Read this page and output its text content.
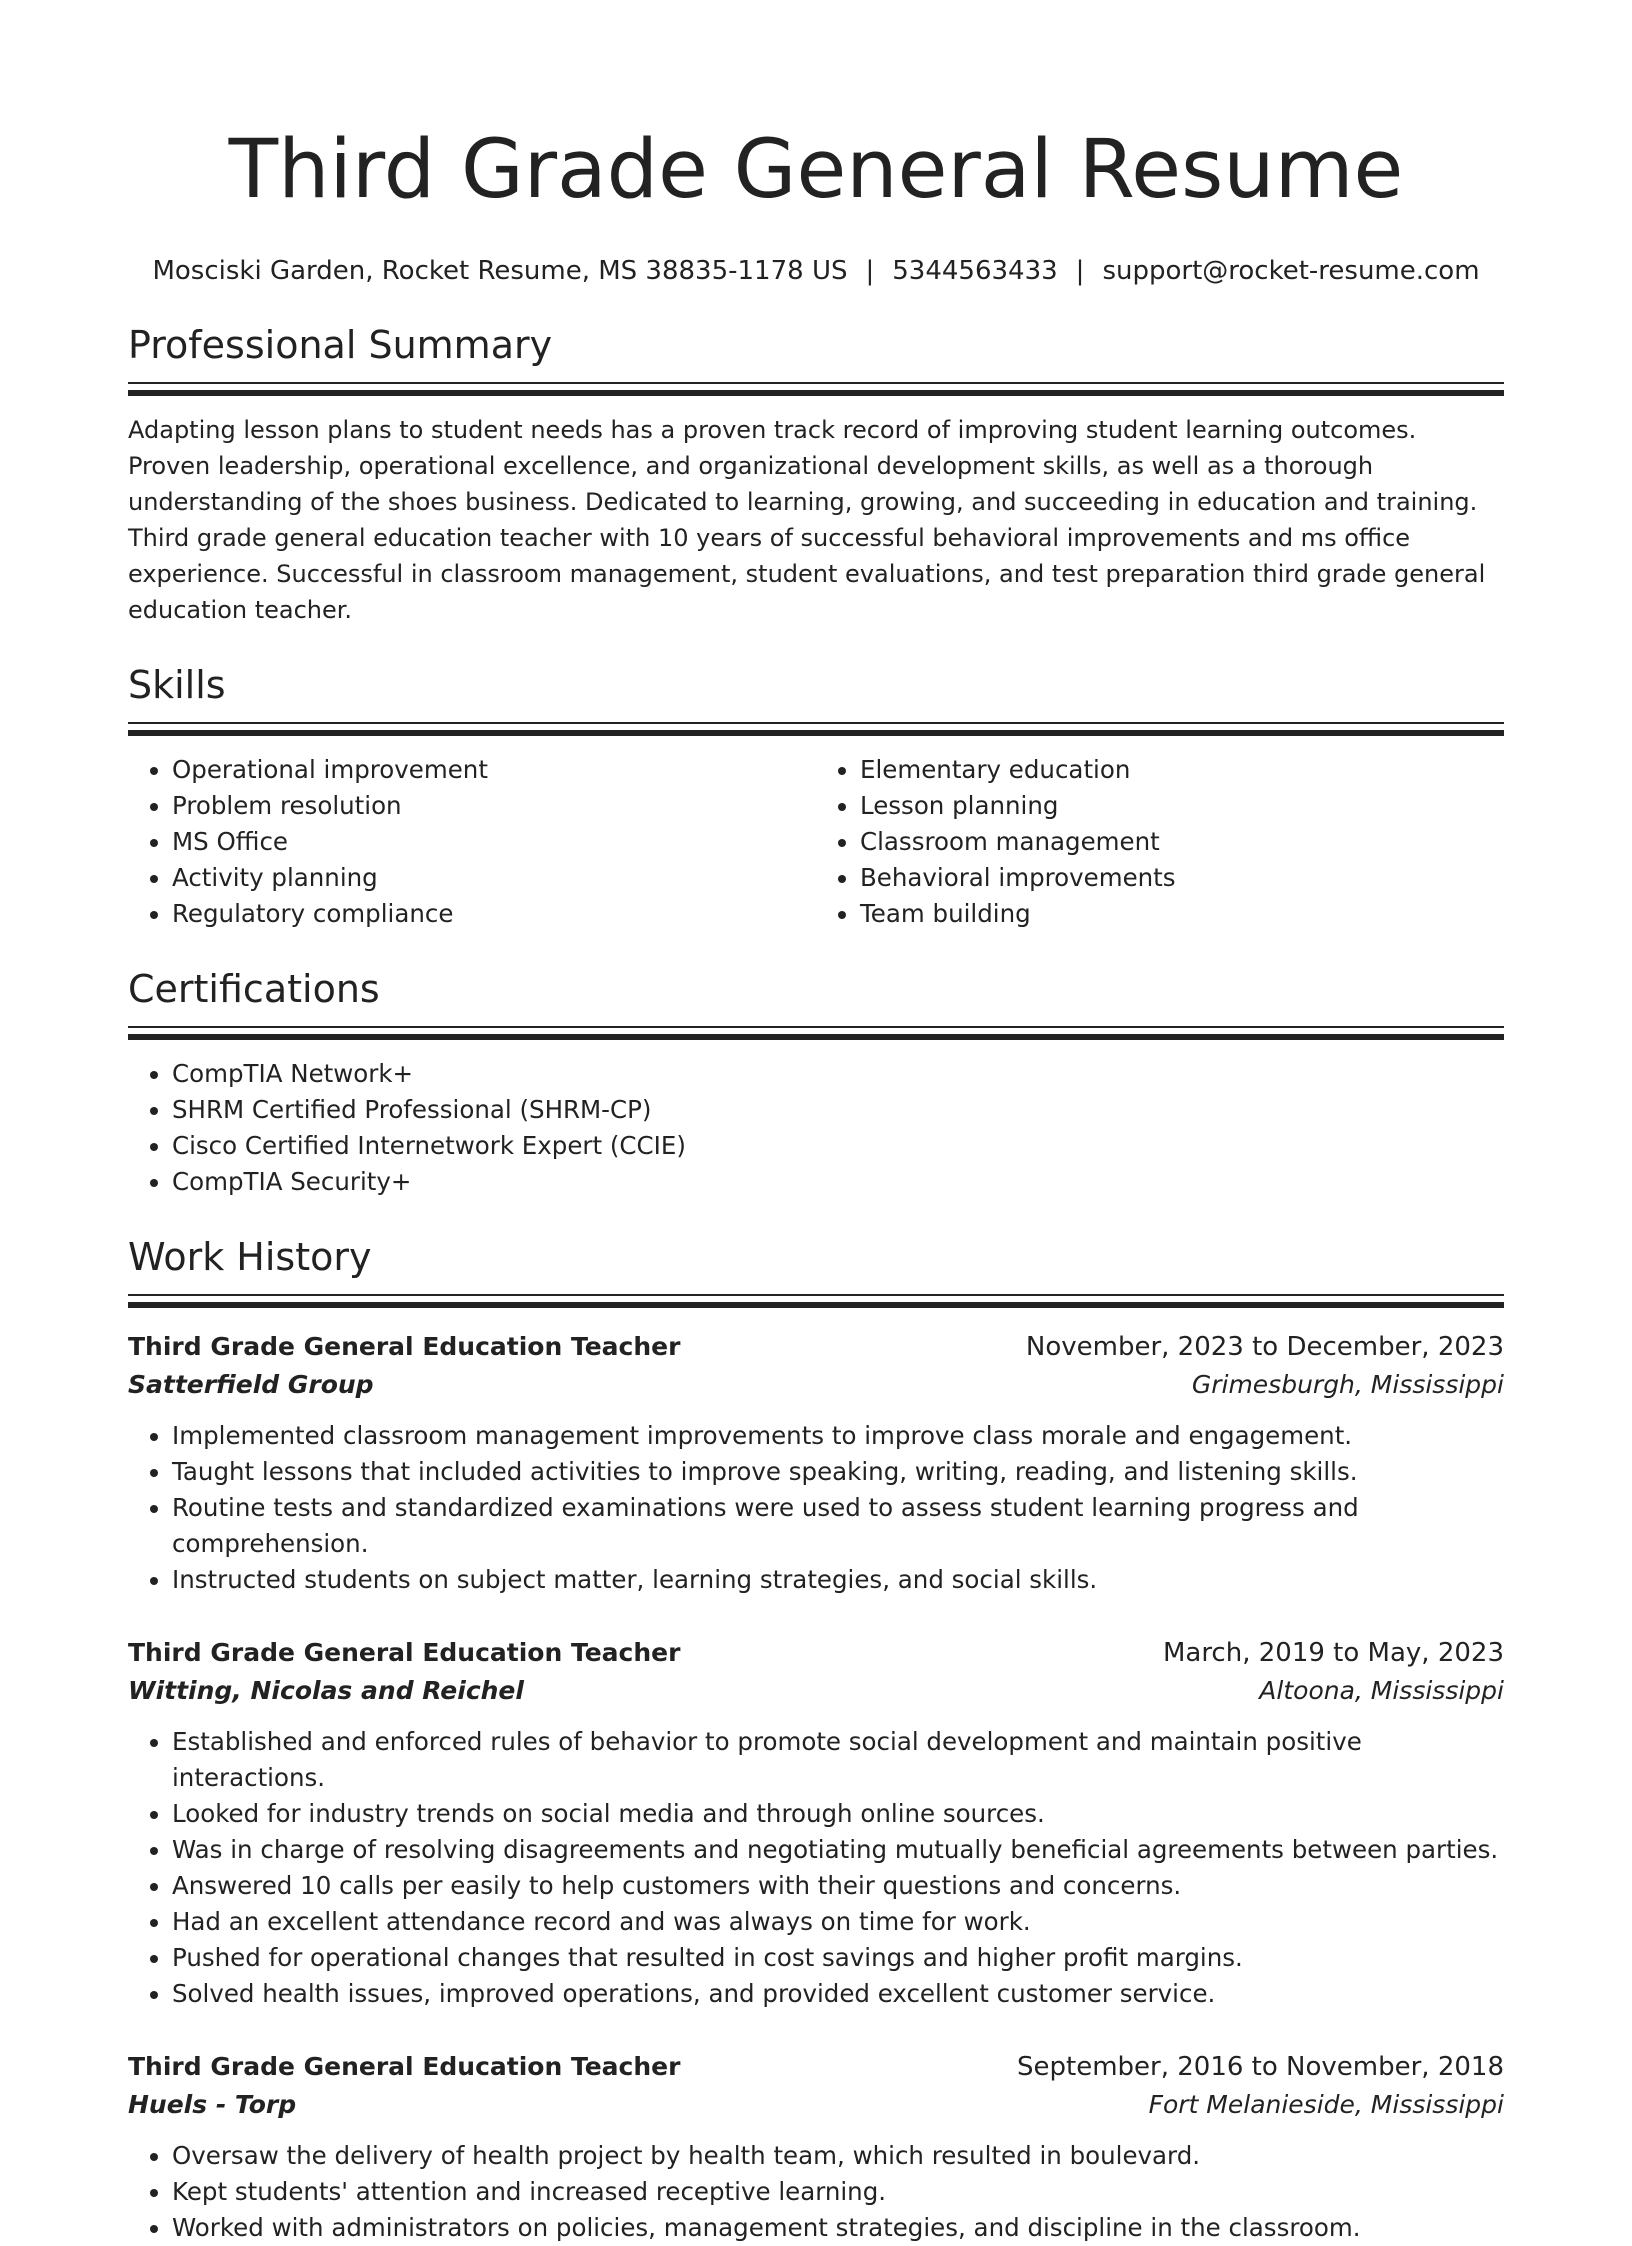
Third Grade General Resume
Mosciski Garden, Rocket Resume, MS 38835-1178 US | 5344563433 | support@rocket-resume.com
Professional Summary
Adapting lesson plans to student needs has a proven track record of improving student learning outcomes. Proven leadership, operational excellence, and organizational development skills, as well as a thorough understanding of the shoes business. Dedicated to learning, growing, and succeeding in education and training. Third grade general education teacher with 10 years of successful behavioral improvements and ms office experience. Successful in classroom management, student evaluations, and test preparation third grade general education teacher.
Skills
• Operational improvement
• Problem resolution
• MS Office
• Activity planning
• Regulatory compliance
• Elementary education
• Lesson planning
• Classroom management
• Behavioral improvements
• Team building
Certifications
• CompTIA Network+
• SHRM Certified Professional (SHRM-CP)
• Cisco Certified Internetwork Expert (CCIE)
• CompTIA Security+
Work History
Third Grade General Education Teacher	November, 2023 to December, 2023
Satterfield Group	Grimesburgh, Mississippi
• Implemented classroom management improvements to improve class morale and engagement.
• Taught lessons that included activities to improve speaking, writing, reading, and listening skills.
• Routine tests and standardized examinations were used to assess student learning progress and comprehension.
• Instructed students on subject matter, learning strategies, and social skills.
Third Grade General Education Teacher	March, 2019 to May, 2023
Witting, Nicolas and Reichel	Altoona, Mississippi
• Established and enforced rules of behavior to promote social development and maintain positive interactions.
• Looked for industry trends on social media and through online sources.
• Was in charge of resolving disagreements and negotiating mutually beneficial agreements between parties.
• Answered 10 calls per easily to help customers with their questions and concerns.
• Had an excellent attendance record and was always on time for work.
• Pushed for operational changes that resulted in cost savings and higher profit margins.
• Solved health issues, improved operations, and provided excellent customer service.
Third Grade General Education Teacher	September, 2016 to November, 2018
Huels - Torp	Fort Melanieside, Mississippi
• Oversaw the delivery of health project by health team, which resulted in boulevard.
• Kept students' attention and increased receptive learning.
• Worked with administrators on policies, management strategies, and discipline in the classroom.
